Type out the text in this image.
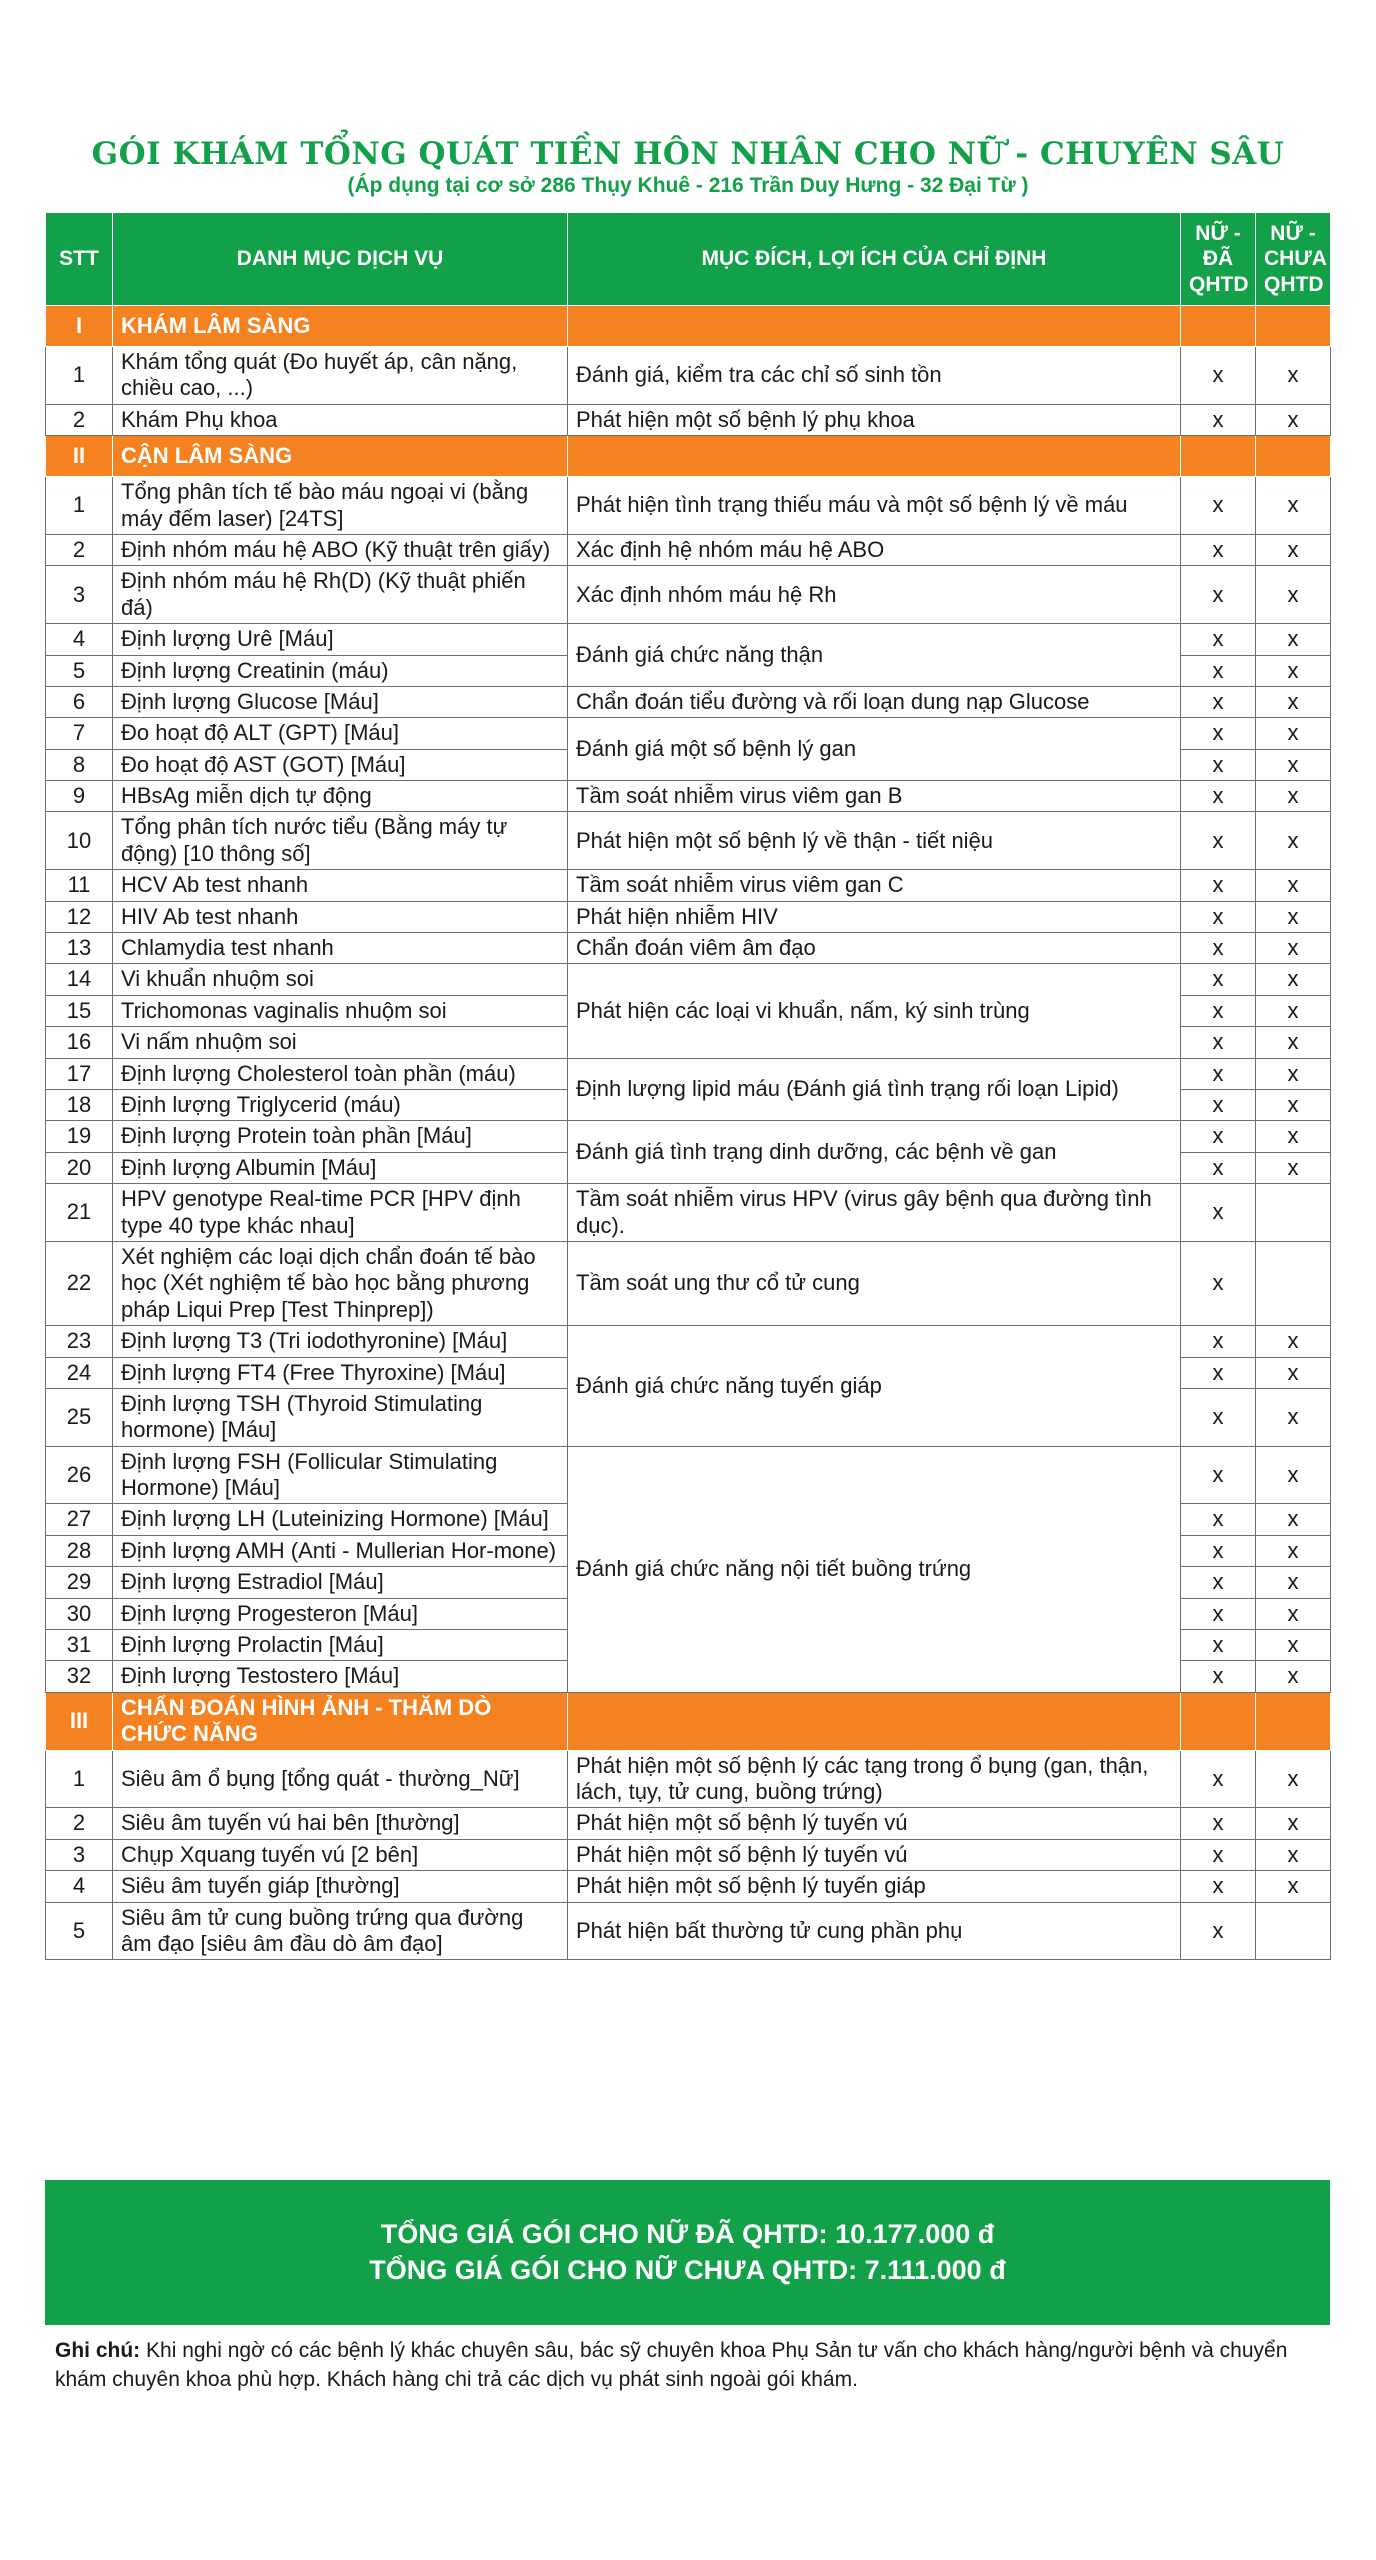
GÓI KHÁM TỔNG QUÁT TIỀN HÔN NHÂN CHO NỮ - CHUYÊN SÂU
(Áp dụng tại cơ sở 286 Thụy Khuê - 216 Trần Duy Hưng - 32 Đại Từ )
STT	DANH MỤC DỊCH VỤ	MỤC ĐÍCH, LỢI ÍCH CỦA CHỈ ĐỊNH	NỮ - ĐÃ QHTD	NỮ - CHƯA QHTD
I	KHÁM LÂM SÀNG			
1	Khám tổng quát (Đo huyết áp, cân nặng, chiều cao, ...)	Đánh giá, kiểm tra các chỉ số sinh tồn	x	x
2	Khám Phụ khoa	Phát hiện một số bệnh lý phụ khoa	x	x
II	CẬN LÂM SÀNG			
1	Tổng phân tích tế bào máu ngoại vi (bằng máy đếm laser) [24TS]	Phát hiện tình trạng thiếu máu và một số bệnh lý về máu	x	x
2	Định nhóm máu hệ ABO (Kỹ thuật trên giấy)	Xác định hệ nhóm máu hệ ABO	x	x
3	Định nhóm máu hệ Rh(D) (Kỹ thuật phiến đá)	Xác định nhóm máu hệ Rh	x	x
4	Định lượng Urê [Máu]	Đánh giá chức năng thận	x	x
5	Định lượng Creatinin (máu)		x	x
6	Định lượng Glucose [Máu]	Chẩn đoán tiểu đường và rối loạn dung nạp Glucose	x	x
7	Đo hoạt độ ALT (GPT) [Máu]	Đánh giá một số bệnh lý gan	x	x
8	Đo hoạt độ AST (GOT) [Máu]		x	x
9	HBsAg miễn dịch tự động	Tầm soát nhiễm virus viêm gan B	x	x
10	Tổng phân tích nước tiểu (Bằng máy tự động) [10 thông số]	Phát hiện một số bệnh lý về thận - tiết niệu	x	x
11	HCV Ab test nhanh	Tầm soát nhiễm virus viêm gan C	x	x
12	HIV Ab test nhanh	Phát hiện nhiễm HIV	x	x
13	Chlamydia test nhanh	Chẩn đoán viêm âm đạo	x	x
14	Vi khuẩn nhuộm soi	Phát hiện các loại vi khuẩn, nấm, ký sinh trùng	x	x
15	Trichomonas vaginalis nhuộm soi		x	x
16	Vi nấm nhuộm soi		x	x
17	Định lượng Cholesterol toàn phần (máu)	Định lượng lipid máu (Đánh giá tình trạng rối loạn Lipid)	x	x
18	Định lượng Triglycerid (máu)		x	x
19	Định lượng Protein toàn phần [Máu]	Đánh giá tình trạng dinh dưỡng, các bệnh về gan	x	x
20	Định lượng Albumin [Máu]		x	x
21	HPV genotype Real-time PCR [HPV định type 40 type khác nhau]	Tầm soát nhiễm virus HPV (virus gây bệnh qua đường tình dục).	x	
22	Xét nghiệm các loại dịch chẩn đoán tế bào học (Xét nghiệm tế bào học bằng phương pháp Liqui Prep [Test Thinprep])	Tầm soát ung thư cổ tử cung	x	
23	Định lượng T3 (Tri iodothyronine) [Máu]	Đánh giá chức năng tuyến giáp	x	x
24	Định lượng FT4 (Free Thyroxine) [Máu]		x	x
25	Định lượng TSH (Thyroid Stimulating hormone) [Máu]		x	x
26	Định lượng FSH (Follicular Stimulating Hormone) [Máu]	Đánh giá chức năng nội tiết buồng trứng	x	x
27	Định lượng LH (Luteinizing Hormone) [Máu]		x	x
28	Định lượng AMH (Anti - Mullerian Hor-mone)		x	x
29	Định lượng Estradiol [Máu]		x	x
30	Định lượng Progesteron [Máu]		x	x
31	Định lượng Prolactin [Máu]		x	x
32	Định lượng Testostero [Máu]		x	x
III	CHẨN ĐOÁN HÌNH ẢNH - THĂM DÒ CHỨC NĂNG			
1	Siêu âm ổ bụng [tổng quát - thường_Nữ]	Phát hiện một số bệnh lý các tạng trong ổ bụng (gan, thận, lách, tụy, tử cung, buồng trứng)	x	x
2	Siêu âm tuyến vú hai bên [thường]	Phát hiện một số bệnh lý tuyến vú	x	x
3	Chụp Xquang tuyến vú [2 bên]	Phát hiện một số bệnh lý tuyến vú	x	x
4	Siêu âm tuyến giáp [thường]	Phát hiện một số bệnh lý tuyến giáp	x	x
5	Siêu âm tử cung buồng trứng qua đường âm đạo [siêu âm đầu dò âm đạo]	Phát hiện bất thường tử cung phần phụ	x	
TỔNG GIÁ GÓI CHO NỮ ĐÃ QHTD: 10.177.000 đ
TỔNG GIÁ GÓI CHO NỮ CHƯA QHTD: 7.111.000 đ
Ghi chú: Khi nghi ngờ có các bệnh lý khác chuyên sâu, bác sỹ chuyên khoa Phụ Sản tư vấn cho khách hàng/người bệnh và chuyển khám chuyên khoa phù hợp. Khách hàng chi trả các dịch vụ phát sinh ngoài gói khám.
